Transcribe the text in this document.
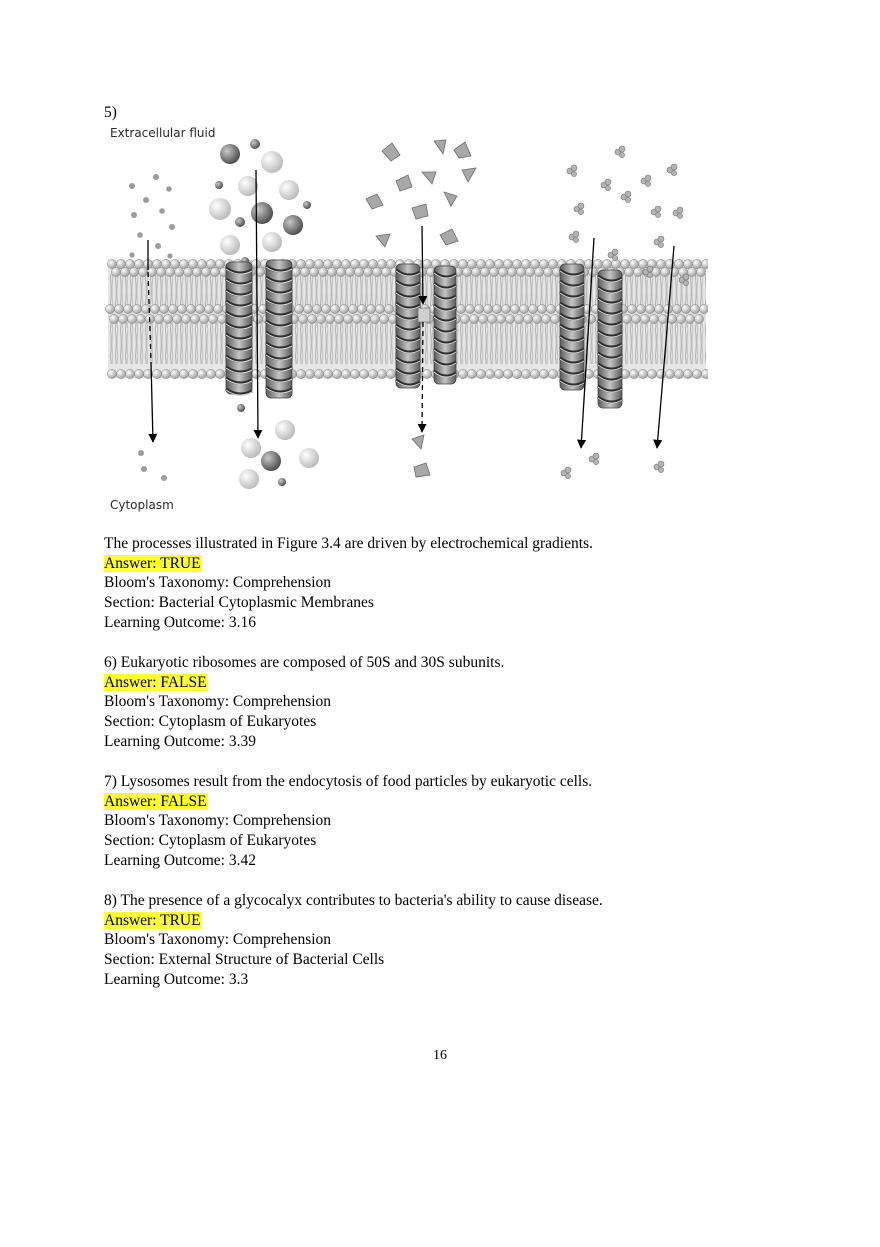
5)
Extracellular fluid
Cytoplasm
The processes illustrated in Figure 3.4 are driven by electrochemical gradients.
Answer: TRUE
Bloom's Taxonomy: Comprehension
Section: Bacterial Cytoplasmic Membranes
Learning Outcome: 3.16
6) Eukaryotic ribosomes are composed of 50S and 30S subunits.
Answer: FALSE
Bloom's Taxonomy: Comprehension
Section: Cytoplasm of Eukaryotes
Learning Outcome: 3.39
7) Lysosomes result from the endocytosis of food particles by eukaryotic cells.
Answer: FALSE
Bloom's Taxonomy: Comprehension
Section: Cytoplasm of Eukaryotes
Learning Outcome: 3.42
8) The presence of a glycocalyx contributes to bacteria's ability to cause disease.
Answer: TRUE
Bloom's Taxonomy: Comprehension
Section: External Structure of Bacterial Cells
Learning Outcome: 3.3
16
